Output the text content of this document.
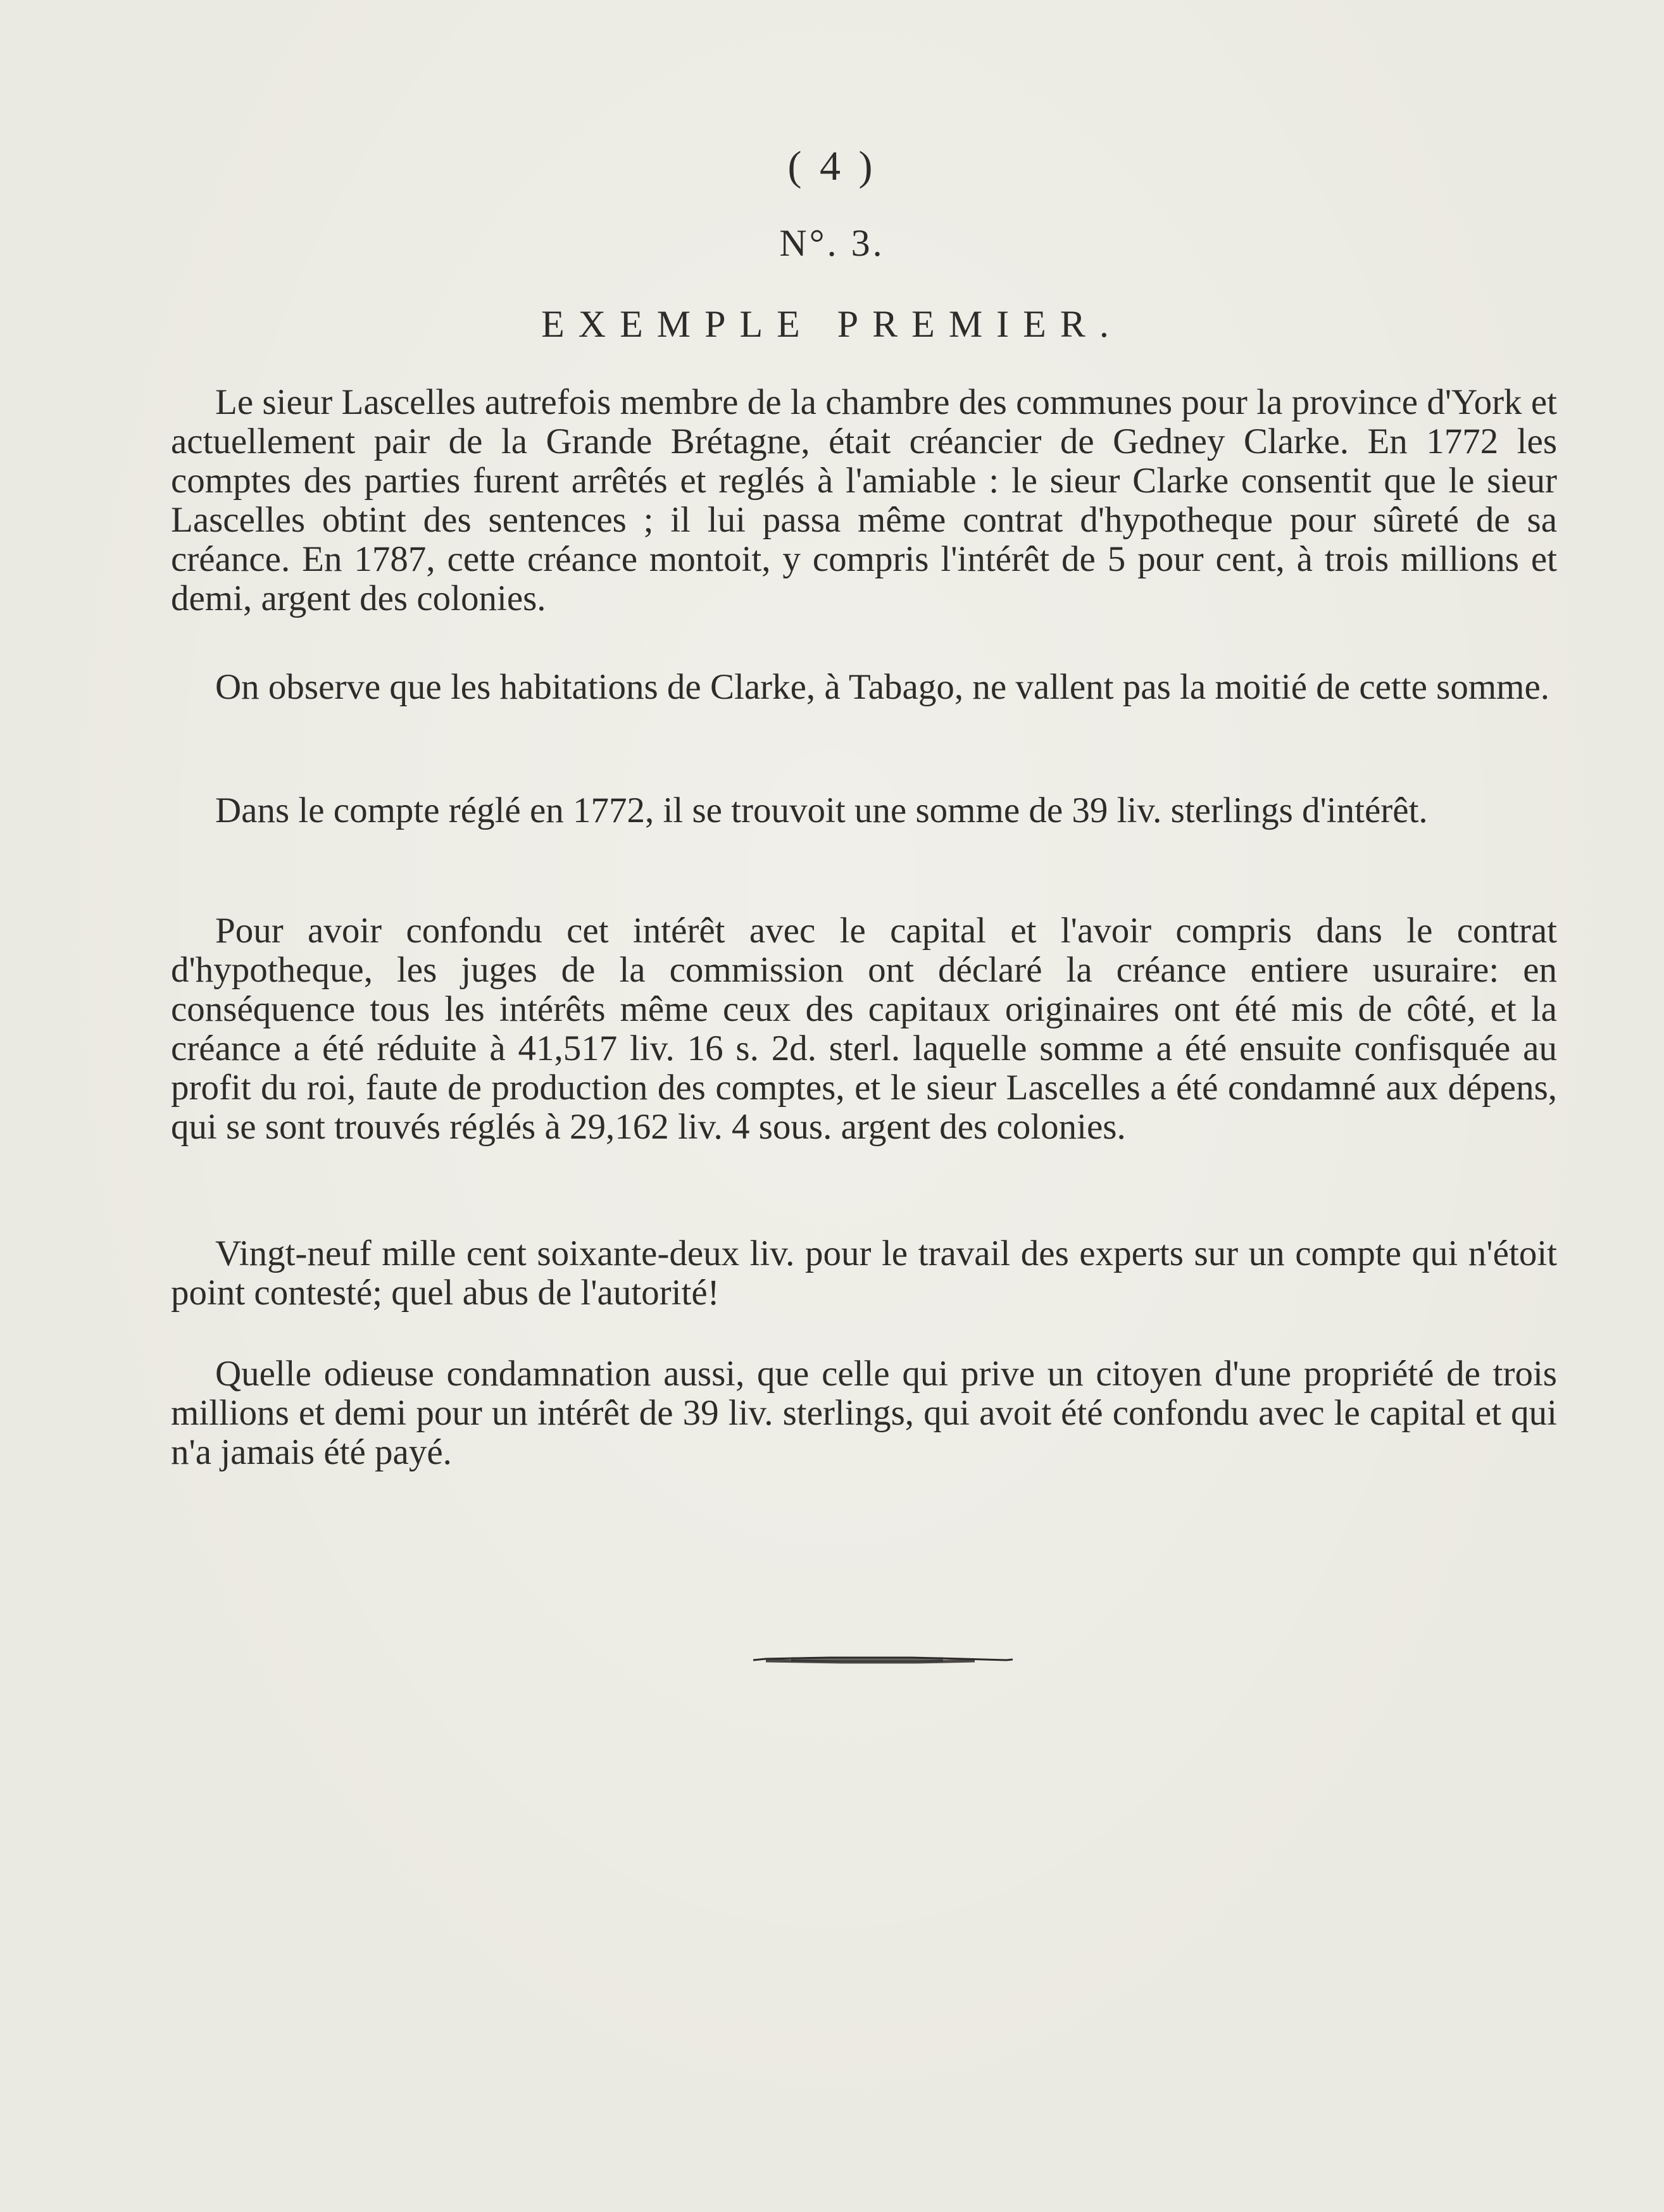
( 4 )
N°. 3.
EXEMPLE PREMIER.

Le sieur Lascelles autrefois membre de la chambre des communes pour la province d'York et actuellement pair de la Grande Brétagne, était créancier de Gedney Clarke. En 1772 les comptes des parties furent arrêtés et reglés à l'amiable : le sieur Clarke consentit que le sieur Lascelles obtint des sentences ; il lui passa même contrat d'hypotheque pour sûreté de sa créance. En 1787, cette créance montoit, y compris l'intérêt de 5 pour cent, à trois millions et demi, argent des colonies.

On observe que les habitations de Clarke, à Tabago, ne vallent pas la moitié de cette somme.

Dans le compte réglé en 1772, il se trouvoit une somme de 39 liv. sterlings d'intérêt.

Pour avoir confondu cet intérêt avec le capital et l'avoir compris dans le contrat d'hypotheque, les juges de la commission ont déclaré la créance entiere usuraire: en conséquence tous les intérêts même ceux des capitaux originaires ont été mis de côté, et la créance a été réduite à 41,517 liv. 16 s. 2d. sterl. laquelle somme a été ensuite confisquée au profit du roi, faute de production des comptes, et le sieur Lascelles a été condamné aux dépens, qui se sont trouvés réglés à 29,162 liv. 4 sous. argent des colonies.

Vingt-neuf mille cent soixante-deux liv. pour le travail des experts sur un compte qui n'étoit point contesté; quel abus de l'autorité!

Quelle odieuse condamnation aussi, que celle qui prive un citoyen d'une propriété de trois millions et demi pour un intérêt de 39 liv. sterlings, qui avoit été confondu avec le capital et qui n'a jamais été payé.
